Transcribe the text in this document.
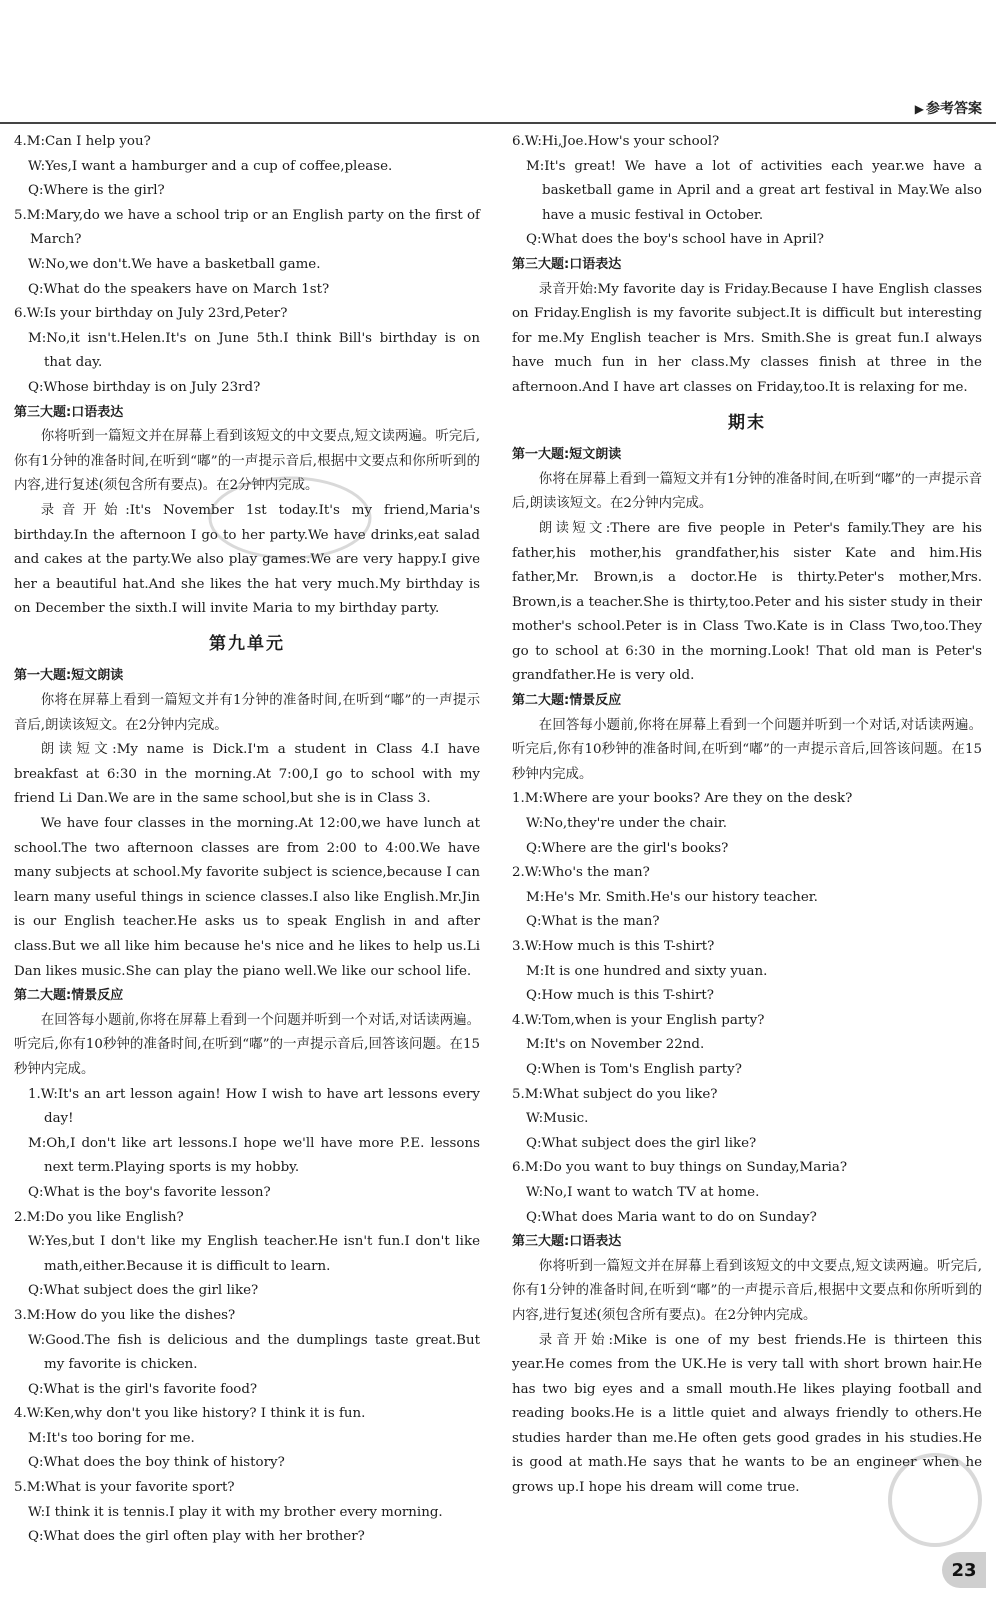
▶ 参考答案

4.M:Can I help you?

W:Yes,I want a hamburger and a cup of coffee,please.

Q:Where is the girl?

5.M:Mary,do we have a school trip or an English party on the first of March?

W:No,we don't.We have a basketball game.

Q:What do the speakers have on March 1st?

6.W:Is your birthday on July 23rd,Peter?

M:No,it isn't.Helen.It's on June 5th.I think Bill's birthday is on that day.

Q:Whose birthday is on July 23rd?

第三大题:口语表达

你将听到一篇短文并在屏幕上看到该短文的中文要点,短文读两遍。听完后,你有1分钟的准备时间,在听到“嘟”的一声提示音后,根据中文要点和你所听到的内容,进行复述(须包含所有要点)。在2分钟内完成。

录音开始:It's November 1st today.It's my friend,Maria's birthday.In the afternoon I go to her party.We have drinks,eat salad and cakes at the party.We also play games.We are very happy.I give her a beautiful hat.And she likes the hat very much.My birthday is on December the sixth.I will invite Maria to my birthday party.

第九单元

第一大题:短文朗读

你将在屏幕上看到一篇短文并有1分钟的准备时间,在听到“嘟”的一声提示音后,朗读该短文。在2分钟内完成。

朗读短文:My name is Dick.I'm a student in Class 4.I have breakfast at 6:30 in the morning.At 7:00,I go to school with my friend Li Dan.We are in the same school,but she is in Class 3.

We have four classes in the morning.At 12:00,we have lunch at school.The two afternoon classes are from 2:00 to 4:00.We have many subjects at school.My favorite subject is science,because I can learn many useful things in science classes.I also like English.Mr.Jin is our English teacher.He asks us to speak English in and after class.But we all like him because he's nice and he likes to help us.Li Dan likes music.She can play the piano well.We like our school life.

第二大题:情景反应

在回答每小题前,你将在屏幕上看到一个问题并听到一个对话,对话读两遍。听完后,你有10秒钟的准备时间,在听到“嘟”的一声提示音后,回答该问题。在15秒钟内完成。

1.W:It's an art lesson again! How I wish to have art lessons every day!

M:Oh,I don't like art lessons.I hope we'll have more P.E. lessons next term.Playing sports is my hobby.

Q:What is the boy's favorite lesson?

2.M:Do you like English?

W:Yes,but I don't like my English teacher.He isn't fun.I don't like math,either.Because it is difficult to learn.

Q:What subject does the girl like?

3.M:How do you like the dishes?

W:Good.The fish is delicious and the dumplings taste great.But my favorite is chicken.

Q:What is the girl's favorite food?

4.W:Ken,why don't you like history? I think it is fun.

M:It's too boring for me.

Q:What does the boy think of history?

5.M:What is your favorite sport?

W:I think it is tennis.I play it with my brother every morning.

Q:What does the girl often play with her brother?

6.W:Hi,Joe.How's your school?

M:It's great! We have a lot of activities each year.we have a basketball game in April and a great art festival in May.We also have a music festival in October.

Q:What does the boy's school have in April?

第三大题:口语表达

录音开始:My favorite day is Friday.Because I have English classes on Friday.English is my favorite subject.It is difficult but interesting for me.My English teacher is Mrs. Smith.She is great fun.I always have much fun in her class.My classes finish at three in the afternoon.And I have art classes on Friday,too.It is relaxing for me.

期末

第一大题:短文朗读

你将在屏幕上看到一篇短文并有1分钟的准备时间,在听到“嘟”的一声提示音后,朗读该短文。在2分钟内完成。

朗读短文:There are five people in Peter's family.They are his father,his mother,his grandfather,his sister Kate and him.His father,Mr. Brown,is a doctor.He is thirty.Peter's mother,Mrs. Brown,is a teacher.She is thirty,too.Peter and his sister study in their mother's school.Peter is in Class Two.Kate is in Class Two,too.They go to school at 6:30 in the morning.Look! That old man is Peter's grandfather.He is very old.

第二大题:情景反应

在回答每小题前,你将在屏幕上看到一个问题并听到一个对话,对话读两遍。听完后,你有10秒钟的准备时间,在听到“嘟”的一声提示音后,回答该问题。在15秒钟内完成。

1.M:Where are your books? Are they on the desk?

W:No,they're under the chair.

Q:Where are the girl's books?

2.W:Who's the man?

M:He's Mr. Smith.He's our history teacher.

Q:What is the man?

3.W:How much is this T-shirt?

M:It is one hundred and sixty yuan.

Q:How much is this T-shirt?

4.W:Tom,when is your English party?

M:It's on November 22nd.

Q:When is Tom's English party?

5.M:What subject do you like?

W:Music.

Q:What subject does the girl like?

6.M:Do you want to buy things on Sunday,Maria?

W:No,I want to watch TV at home.

Q:What does Maria want to do on Sunday?

第三大题:口语表达

你将听到一篇短文并在屏幕上看到该短文的中文要点,短文读两遍。听完后,你有1分钟的准备时间,在听到“嘟”的一声提示音后,根据中文要点和你所听到的内容,进行复述(须包含所有要点)。在2分钟内完成。

录音开始:Mike is one of my best friends.He is thirteen this year.He comes from the UK.He is very tall with short brown hair.He has two big eyes and a small mouth.He likes playing football and reading books.He is a little quiet and always friendly to others.He studies harder than me.He often gets good grades in his studies.He is good at math.He says that he wants to be an engineer when he grows up.I hope his dream will come true.

23
